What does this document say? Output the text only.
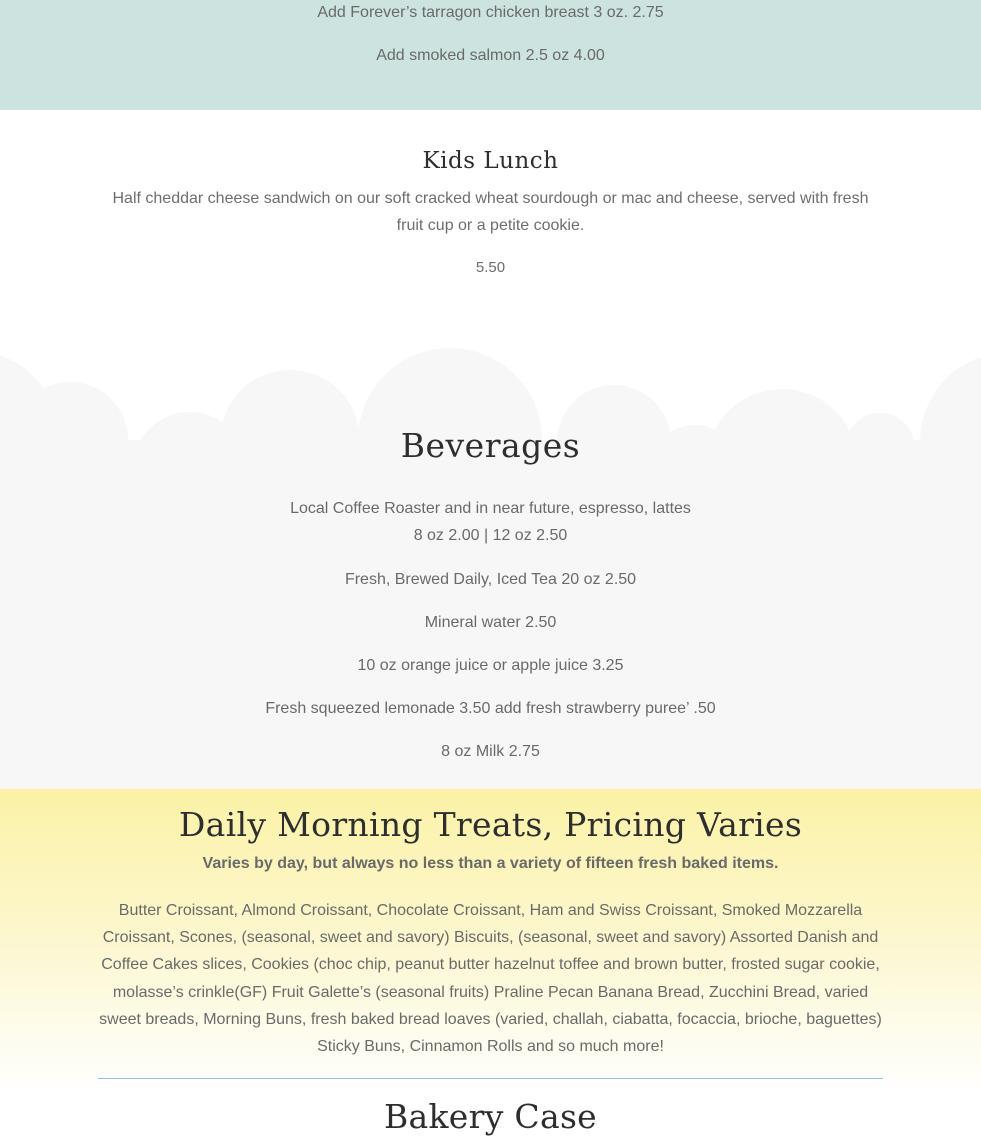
Add Forever’s tarragon chicken breast 3 oz. 2.75
Add smoked salmon 2.5 oz 4.00
Kids Lunch

Half cheddar cheese sandwich on our soft cracked wheat sourdough or mac and cheese, served with fresh fruit cup or a petite cookie.

5.50
Beverages
Local Coffee Roaster and in near future, espresso, lattes
8 oz 2.00 | 12 oz 2.50
Fresh, Brewed Daily, Iced Tea 20 oz 2.50
Mineral water 2.50
10 oz orange juice or apple juice 3.25
Fresh squeezed lemonade 3.50 add fresh strawberry puree’ .50
8 oz Milk 2.75
Daily Morning Treats, Pricing Varies
Varies by day, but always no less than a variety of fifteen fresh baked items.

Butter Croissant, Almond Croissant, Chocolate Croissant, Ham and Swiss Croissant, Smoked Mozzarella Croissant, Scones, (seasonal, sweet and savory) Biscuits, (seasonal, sweet and savory) Assorted Danish and Coffee Cakes slices, Cookies (choc chip, peanut butter hazelnut toffee and brown butter, frosted sugar cookie, molasse’s crinkle(GF) Fruit Galette’s (seasonal fruits) Praline Pecan Banana Bread, Zucchini Bread, varied sweet breads, Morning Buns, fresh baked bread loaves (varied, challah, ciabatta, focaccia, brioche, baguettes) Sticky Buns, Cinnamon Rolls and so much more!

Bakery Case
